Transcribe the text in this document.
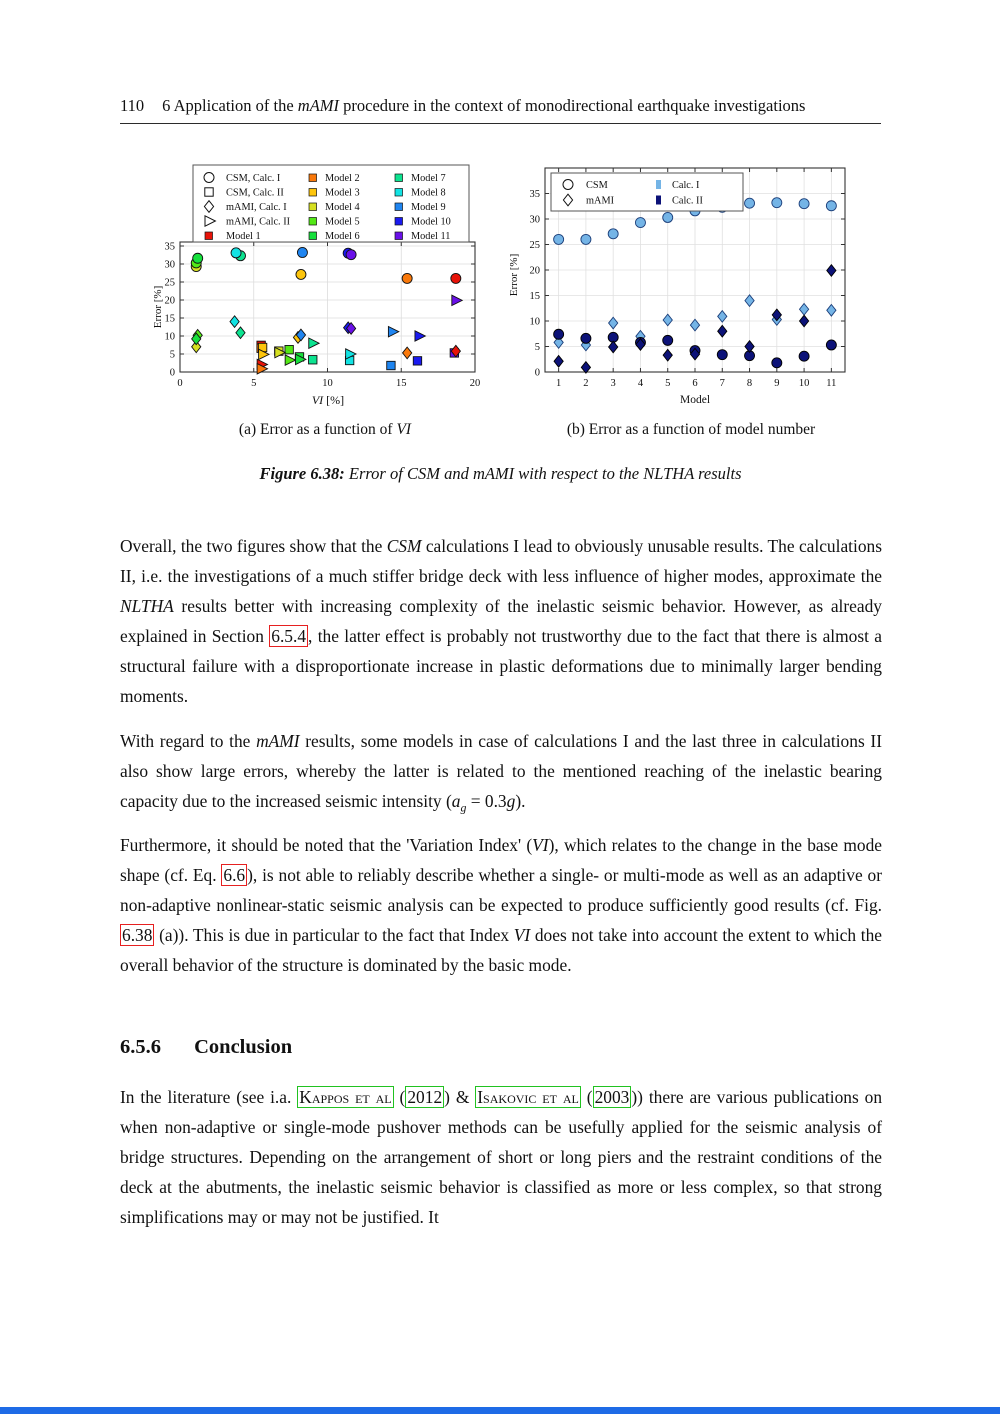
110 6 Application of the mAMI procedure in the context of monodirectional earthquake investigations
0	5	10	15	20
0
5
10
15
20
25
30
35
VI [%]
Error [%]
CSM, Calc. I
CSM, Calc. II
mAMI, Calc. I
mAMI, Calc. II
Model 1
Model 2
Model 3
Model 4
Model 5
Model 6
Model 7
Model 8
Model 9
Model 10
Model 11
1 2 3 4 5 6 7 8 9 10 11
0
5
10
15
20
25
30
35
Model
Error [%]
CSM
mAMI
Calc. I
Calc. II
(a) Error as a function of VI	(b) Error as a function of model number
Figure 6.38: Error of CSM and mAMI with respect to the NLTHA results
Overall, the two figures show that the CSM calculations I lead to obviously unusable results. The calculations II, i.e. the investigations of a much stiffer bridge deck with less influence of higher modes, approximate the NLTHA results better with increasing complexity of the inelastic seismic behavior. However, as already explained in Section 6.5.4 , the latter effect is probably not trustworthy due to the fact that there is almost a structural failure with a disproportionate increase in plastic deformations due to minimally larger bending moments.
With regard to the mAMI results, some models in case of calculations I and the last three in calculations II also show large errors, whereby the latter is related to the mentioned reaching of the inelastic bearing capacity due to the increased seismic intensity $(a_g = 0.3g)$.
Furthermore, it should be noted that the 'Variation Index' (VI), which relates to the change in the base mode shape (cf. Eq. 6.6 ), is not able to reliably describe whether a single- or multi-mode as well as an adaptive or non-adaptive nonlinear-static seismic analysis can be expected to produce sufficiently good results (cf. Fig. 6.38 (a)). This is due in particular to the fact that Index VI does not take into account the extent to which the overall behavior of the structure is dominated by the basic mode.
6.5.6 Conclusion
In the literature (see i.a. Kappos et al ( 2012 ) & Isakovic et al ( 2003 )) there are various publications on when non-adaptive or single-mode pushover methods can be usefully applied for the seismic analysis of bridge structures. Depending on the arrangement of short or long piers and the restraint conditions of the deck at the abutments, the inelastic seismic behavior is classified as more or less complex, so that strong simplifications may or may not be justified. It
